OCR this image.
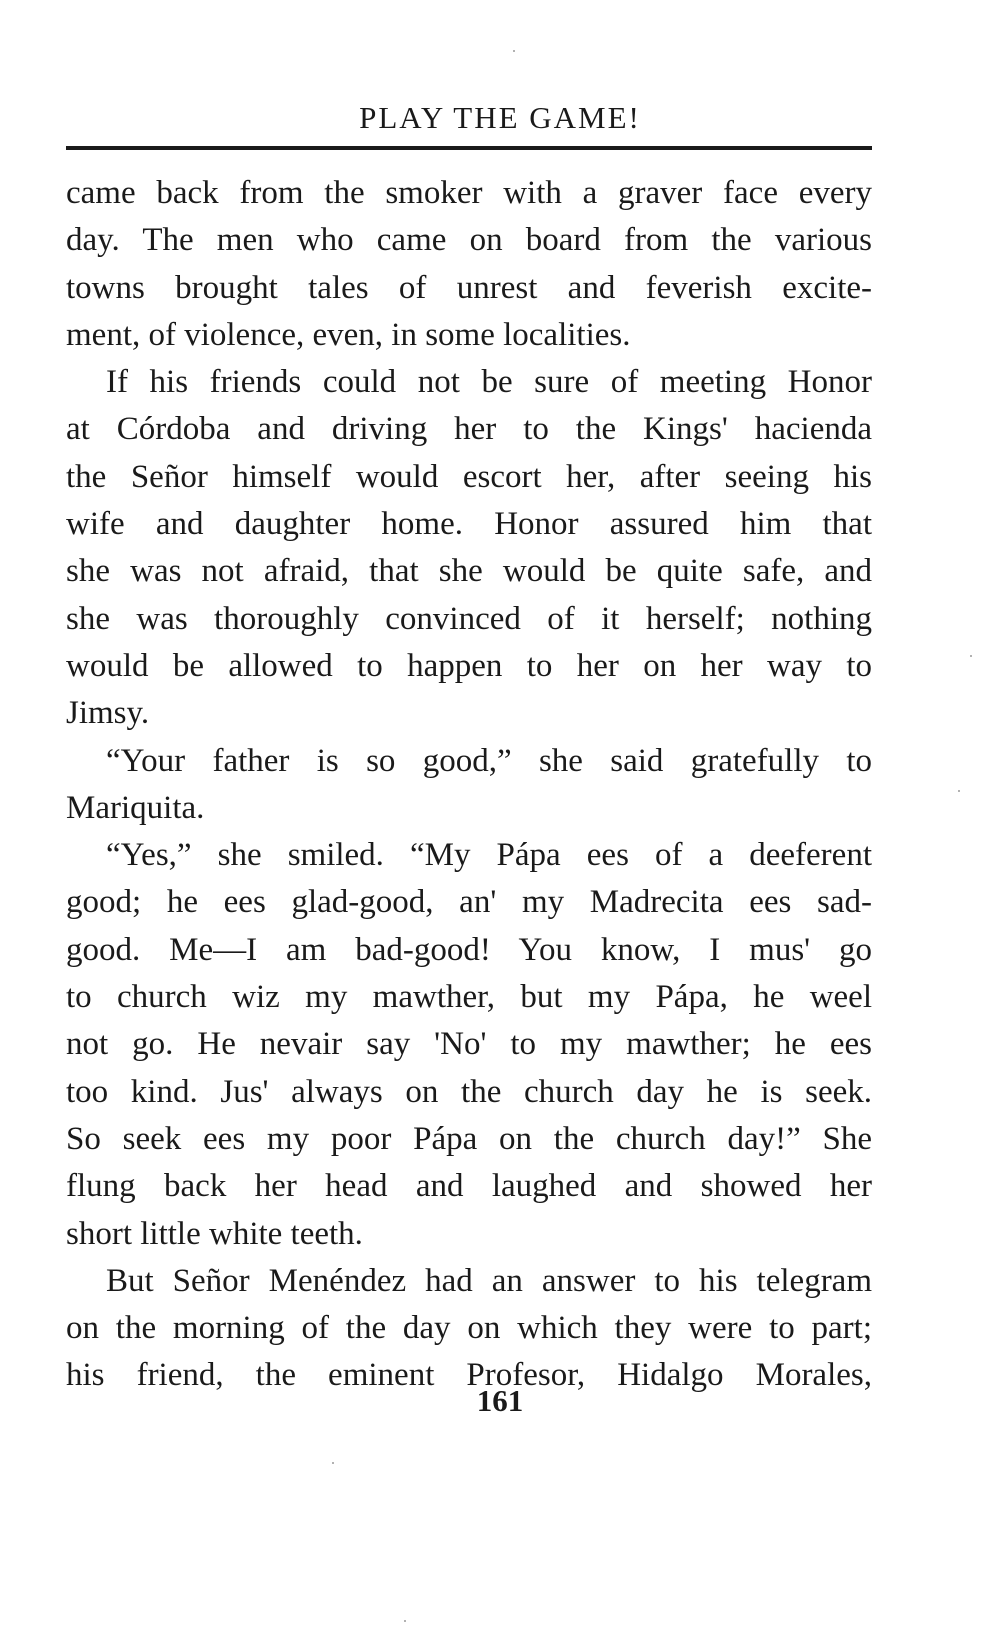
PLAY THE GAME!
came back from the smoker with a graver face every
day. The men who came on board from the various
towns brought tales of unrest and feverish excite-
ment, of violence, even, in some localities.
If his friends could not be sure of meeting Honor
at Córdoba and driving her to the Kings' hacienda
the Señor himself would escort her, after seeing his
wife and daughter home. Honor assured him that
she was not afraid, that she would be quite safe, and
she was thoroughly convinced of it herself; nothing
would be allowed to happen to her on her way to
Jimsy.
“Your father is so good,” she said gratefully to
Mariquita.
“Yes,” she smiled. “My Pápa ees of a deeferent
good; he ees glad-good, an' my Madrecita ees sad-
good. Me—I am bad-good! You know, I mus' go
to church wiz my mawther, but my Pápa, he weel
not go. He nevair say 'No' to my mawther; he ees
too kind. Jus' always on the church day he is seek.
So seek ees my poor Pápa on the church day!” She
flung back her head and laughed and showed her
short little white teeth.
But Señor Menéndez had an answer to his telegram
on the morning of the day on which they were to part;
his friend, the eminent Profesor, Hidalgo Morales,
161
